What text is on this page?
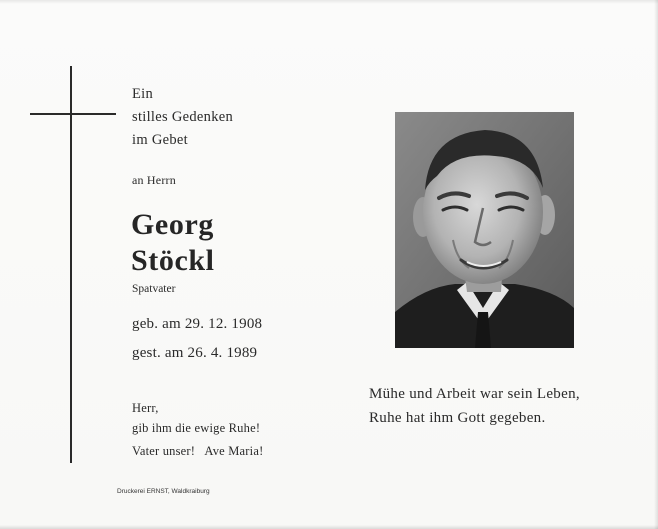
Ein
stilles Gedenken
im Gebet
an Herrn
Georg
Stöckl
Spatvater
geb. am 29. 12. 1908
gest. am 26. 4. 1989
Herr,
gib ihm die ewige Ruhe!
Vater unser!   Ave Maria!
Druckerei ERNST, Waldkraiburg
Mühe und Arbeit war sein Leben,
Ruhe hat ihm Gott gegeben.
